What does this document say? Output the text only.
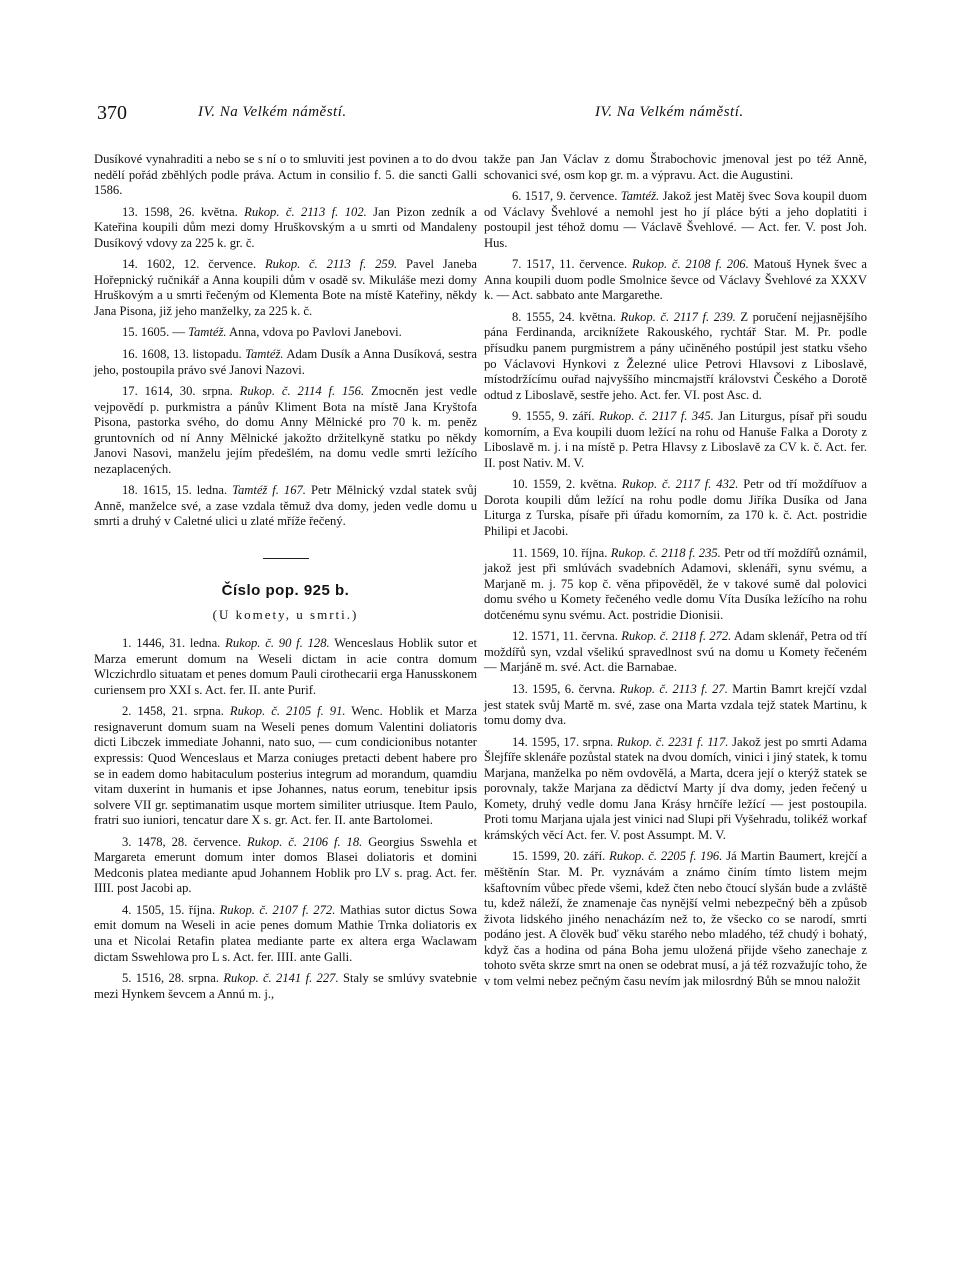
370	IV. Na Velkém náměstí.	IV. Na Velkém náměstí.

Dusíkové vynahraditi a nebo se s ní o to smluviti jest povinen a to do dvou nedělí pořád zběhlých podle práva. Actum in consilio f. 5. die sancti Galli 1586.

13. 1598, 26. května. Rukop. č. 2113 f. 102. Jan Pizon zedník a Kateřina koupili dům mezi domy Hruškovským a u smrti od Mandaleny Dusíkový vdovy za 225 k. gr. č.

14. 1602, 12. července. Rukop. č. 2113 f. 259. Pavel Janeba Hořepnický ručnikář a Anna koupili dům v osadě sv. Mikuláše mezi domy Hruškovým a u smrti řečeným od Klementa Bote na místě Kateřiny, někdy Jana Pisona, již jeho manželky, za 225 k. č.

15. 1605. — Tamtéž. Anna, vdova po Pavlovi Janebovi.

16. 1608, 13. listopadu. Tamtéž. Adam Dusík a Anna Dusíková, sestra jeho, postoupila právo své Janovi Nazovi.

17. 1614, 30. srpna. Rukop. č. 2114 f. 156. Zmocněn jest vedle vejpovědí p. purkmistra a pánův Kliment Bota na místě Jana Kryštofa Pisona, pastorka svého, do domu Anny Mělnické pro 70 k. m. peněz gruntovních od ní Anny Mělnické jakožto držitelkyně statku po někdy Janovi Nasovi, manželu jejím předešlém, na domu vedle smrti ležícího nezaplacených.

18. 1615, 15. ledna. Tamtéž f. 167. Petr Mělnický vzdal statek svůj Anně, manželce své, a zase vzdala těmuž dva domy, jeden vedle domu u smrti a druhý v Caletné ulici u zlaté mříže řečený.

Číslo pop. 925 b.
(U komety, u smrti.)

1. 1446, 31. ledna. Rukop. č. 90 f. 128. Wenceslaus Hoblik sutor et Marza emerunt domum na Weseli dictam in acie contra domum Wlczichrdlo situatam et penes domum Pauli cirothecarii erga Hanusskonem curiensem pro XXI s. Act. fer. II. ante Purif.

2. 1458, 21. srpna. Rukop. č. 2105 f. 91. Wenc. Hoblik et Marza resignaverunt domum suam na Weseli penes domum Valentini doliatoris dicti Libczek immediate Johanni, nato suo, — cum condicionibus notanter expressis: Quod Wenceslaus et Marza coniuges pretacti debent habere pro se in eadem domo habitaculum posterius integrum ad morandum, quamdiu vitam duxerint in humanis et ipse Johannes, natus eorum, tenebitur ipsis solvere VII gr. septimanatim usque mortem similiter utriusque. Item Paulo, fratri suo iuniori, tencatur dare X s. gr. Act. fer. II. ante Bartolomei.

3. 1478, 28. července. Rukop. č. 2106 f. 18. Georgius Sswehla et Margareta emerunt domum inter domos Blasei doliatoris et domini Medconis platea mediante apud Johannem Hoblik pro LV s. prag. Act. fer. IIII. post Jacobi ap.

4. 1505, 15. října. Rukop. č. 2107 f. 272. Mathias sutor dictus Sowa emit domum na Weseli in acie penes domum Mathie Trnka doliatoris ex una et Nicolai Retafin platea mediante parte ex altera erga Waclawam dictam Sswehlowa pro L s. Act. fer. IIII. ante Galli.

5. 1516, 28. srpna. Rukop. č. 2141 f. 227. Staly se smlúvy svatebnie mezi Hynkem ševcem a Annú m. j.,

takže pan Jan Václav z domu Štrabochovic jmenoval jest po též Anně, schovanici své, osm kop gr. m. a výpravu. Act. die Augustini.

6. 1517, 9. července. Tamtéž. Jakož jest Matěj švec Sova koupil duom od Václavy Švehlové a nemohl jest ho jí pláce býti a jeho doplatiti i postoupil jest téhož domu — Václavě Švehlové. — Act. fer. V. post Joh. Hus.

7. 1517, 11. července. Rukop. č. 2108 f. 206. Matouš Hynek švec a Anna koupili duom podle Smolnice ševce od Václavy Švehlové za XXXV k. — Act. sabbato ante Margarethe.

8. 1555, 24. května. Rukop. č. 2117 f. 239. Z poručení nejjasnějšího pána Ferdinanda, arciknížete Rakouského, rychtář Star. M. Pr. podle přísudku panem purgmistrem a pány učiněného postúpil jest statku všeho po Václavovi Hynkovi z Železné ulice Petrovi Hlavsovi z Liboslavě, místodržícímu ouřad najvyššího mincmajstří královstvi Českého a Dorotě odtud z Liboslavě, sestře jeho. Act. fer. VI. post Asc. d.

9. 1555, 9. září. Rukop. č. 2117 f. 345. Jan Liturgus, písař při soudu komorním, a Eva koupili duom ležící na rohu od Hanuše Falka a Doroty z Liboslavě m. j. i na místě p. Petra Hlavsy z Liboslavě za CV k. č. Act. fer. II. post Nativ. M. V.

10. 1559, 2. května. Rukop. č. 2117 f. 432. Petr od tří moždířuov a Dorota koupili dům ležící na rohu podle domu Jiříka Dusíka od Jana Liturga z Turska, písaře při úřadu komorním, za 170 k. č. Act. postridie Philipi et Jacobi.

11. 1569, 10. října. Rukop. č. 2118 f. 235. Petr od tří moždířů oznámil, jakož jest při smlúvách svadebních Adamovi, sklenáři, synu svému, a Marjaně m. j. 75 kop č. věna připověděl, že v takové sumě dal polovici domu svého u Komety řečeného vedle domu Víta Dusíka ležícího na rohu dotčenému synu svému. Act. postridie Dionisii.

12. 1571, 11. června. Rukop. č. 2118 f. 272. Adam sklenář, Petra od tří moždířů syn, vzdal všelikú spravedlnost svú na domu u Komety řečeném — Marjáně m. své. Act. die Barnabae.

13. 1595, 6. června. Rukop. č. 2113 f. 27. Martin Bamrt krejčí vzdal jest statek svůj Martě m. své, zase ona Marta vzdala tejž statek Martinu, k tomu domy dva.

14. 1595, 17. srpna. Rukop. č. 2231 f. 117. Jakož jest po smrti Adama Šlejfíře sklenáře pozůstal statek na dvou domích, vinici i jiný statek, k tomu Marjana, manželka po něm ovdovělá, a Marta, dcera její o kterýž statek se porovnaly, takže Marjana za dědictví Marty jí dva domy, jeden řečený u Komety, druhý vedle domu Jana Krásy hrnčíře ležící — jest postoupila. Proti tomu Marjana ujala jest vinici nad Slupi při Vyšehradu, tolikéž workaf krámských věcí Act. fer. V. post Assumpt. M. V.

15. 1599, 20. září. Rukop. č. 2205 f. 196. Já Martin Baumert, krejčí a měštěnín Star. M. Pr. vyznávám a známo činím tímto listem mejm kšaftovním vůbec přede všemi, kdež čten nebo čtoucí slyšán bude a zvláště tu, kdež náleží, že znamenaje čas nynější velmi nebezpečný běh a způsob života lidského jiného nenacházím než to, že všecko co se narodí, smrti podáno jest. A člověk buď věku starého nebo mladého, též chudý i bohatý, když čas a hodina od pána Boha jemu uložená přijde všeho zanechaje z tohoto světa skrze smrt na onen se odebrat musí, a já též rozvažujíc toho, že v tom velmi nebez pečným času nevím jak milosrdný Bůh se mnou naložit
